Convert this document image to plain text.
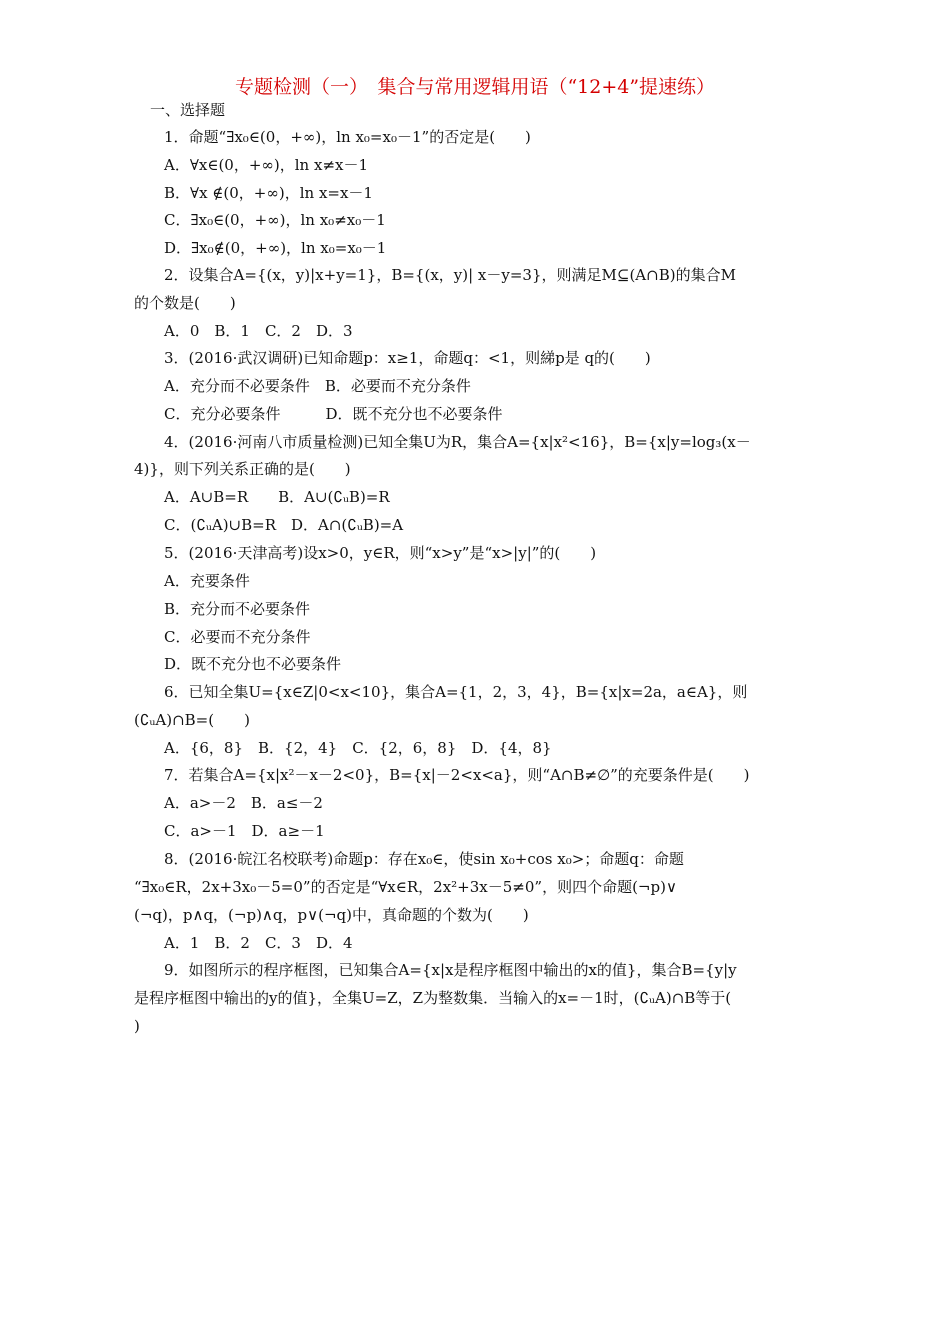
专题检测（一）　集合与常用逻辑用语（“12+4”提速练）
一、选择题
1．命题“∃x₀∈(0，+∞)，ln x₀=x₀－1”的否定是(　　)
A．∀x∈(0，+∞)，ln x≠x－1
B．∀x ∉(0，+∞)，ln x=x－1
C．∃x₀∈(0，+∞)，ln x₀≠x₀－1
D．∃x₀∉(0，+∞)，ln x₀=x₀－1
2．设集合A={(x，y)|x+y=1}，B={(x，y)| x－y=3}，则满足M⊆(A∩B)的集合M
的个数是(　　)
A．0　B．1　C．2　D．3
3．(2016·武汉调研)已知命题p：x≥1，命题q：<1，则綈p是 q的(　　)
A．充分而不必要条件　B．必要而不充分条件
C．充分必要条件　　　D．既不充分也不必要条件
4．(2016·河南八市质量检测)已知全集U为R，集合A={x|x²<16}，B={x|y=log₃(x－
4)}，则下列关系正确的是(　　)
A．A∪B=R　　B．A∪(∁ᵤB)=R
C．(∁ᵤA)∪B=R　D．A∩(∁ᵤB)=A
5．(2016·天津高考)设x>0，y∈R，则“x>y”是“x>|y|”的(　　)
A．充要条件
B．充分而不必要条件
C．必要而不充分条件
D．既不充分也不必要条件
6．已知全集U={x∈Z|0<x<10}，集合A={1，2，3，4}，B={x|x=2a，a∈A}，则
(∁ᵤA)∩B=(　　)
A．{6，8}　B．{2，4}　C．{2，6，8}　D．{4，8}
7．若集合A={x|x²－x－2<0}，B={x|－2<x<a}，则“A∩B≠∅”的充要条件是(　　)
A．a>－2　B．a≤－2
C．a>－1　D．a≥－1
8．(2016·皖江名校联考)命题p：存在x₀∈，使sin x₀+cos x₀>；命题q：命题
“∃x₀∈R，2x+3x₀－5=0”的否定是“∀x∈R，2x²+3x－5≠0”，则四个命题(¬p)∨
(¬q)，p∧q，(¬p)∧q，p∨(¬q)中，真命题的个数为(　　)
A．1　B．2　C．3　D．4
9．如图所示的程序框图，已知集合A={x|x是程序框图中输出的x的值}，集合B={y|y
是程序框图中输出的y的值}，全集U=Z，Z为整数集．当输入的x=－1时，(∁ᵤA)∩B等于(
)
